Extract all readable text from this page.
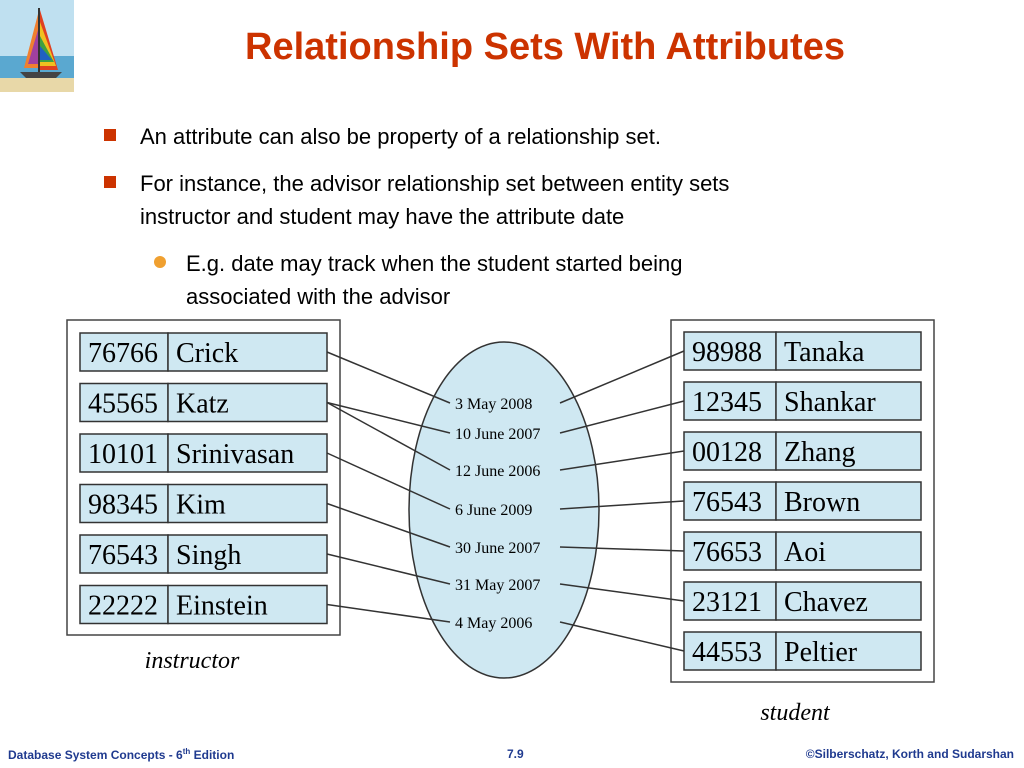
Relationship Sets With Attributes
An attribute can also be property of a relationship set.
For instance, the advisor relationship set between entity sets
instructor and student may have the attribute date
E.g. date may track when the student started being
associated with the advisor
76766 Crick
45565 Katz
10101 Srinivasan
98345 Kim
76543 Singh
22222 Einstein
98988 Tanaka
12345 Shankar
00128 Zhang
76543 Brown
76653 Aoi
23121 Chavez
44553 Peltier
3 May 2008
10 June 2007
12 June 2006
6 June 2009
30 June 2007
31 May 2007
4 May 2006
instructor
student
Database System Concepts - 6th Edition	7.9	©Silberschatz, Korth and Sudarshan
